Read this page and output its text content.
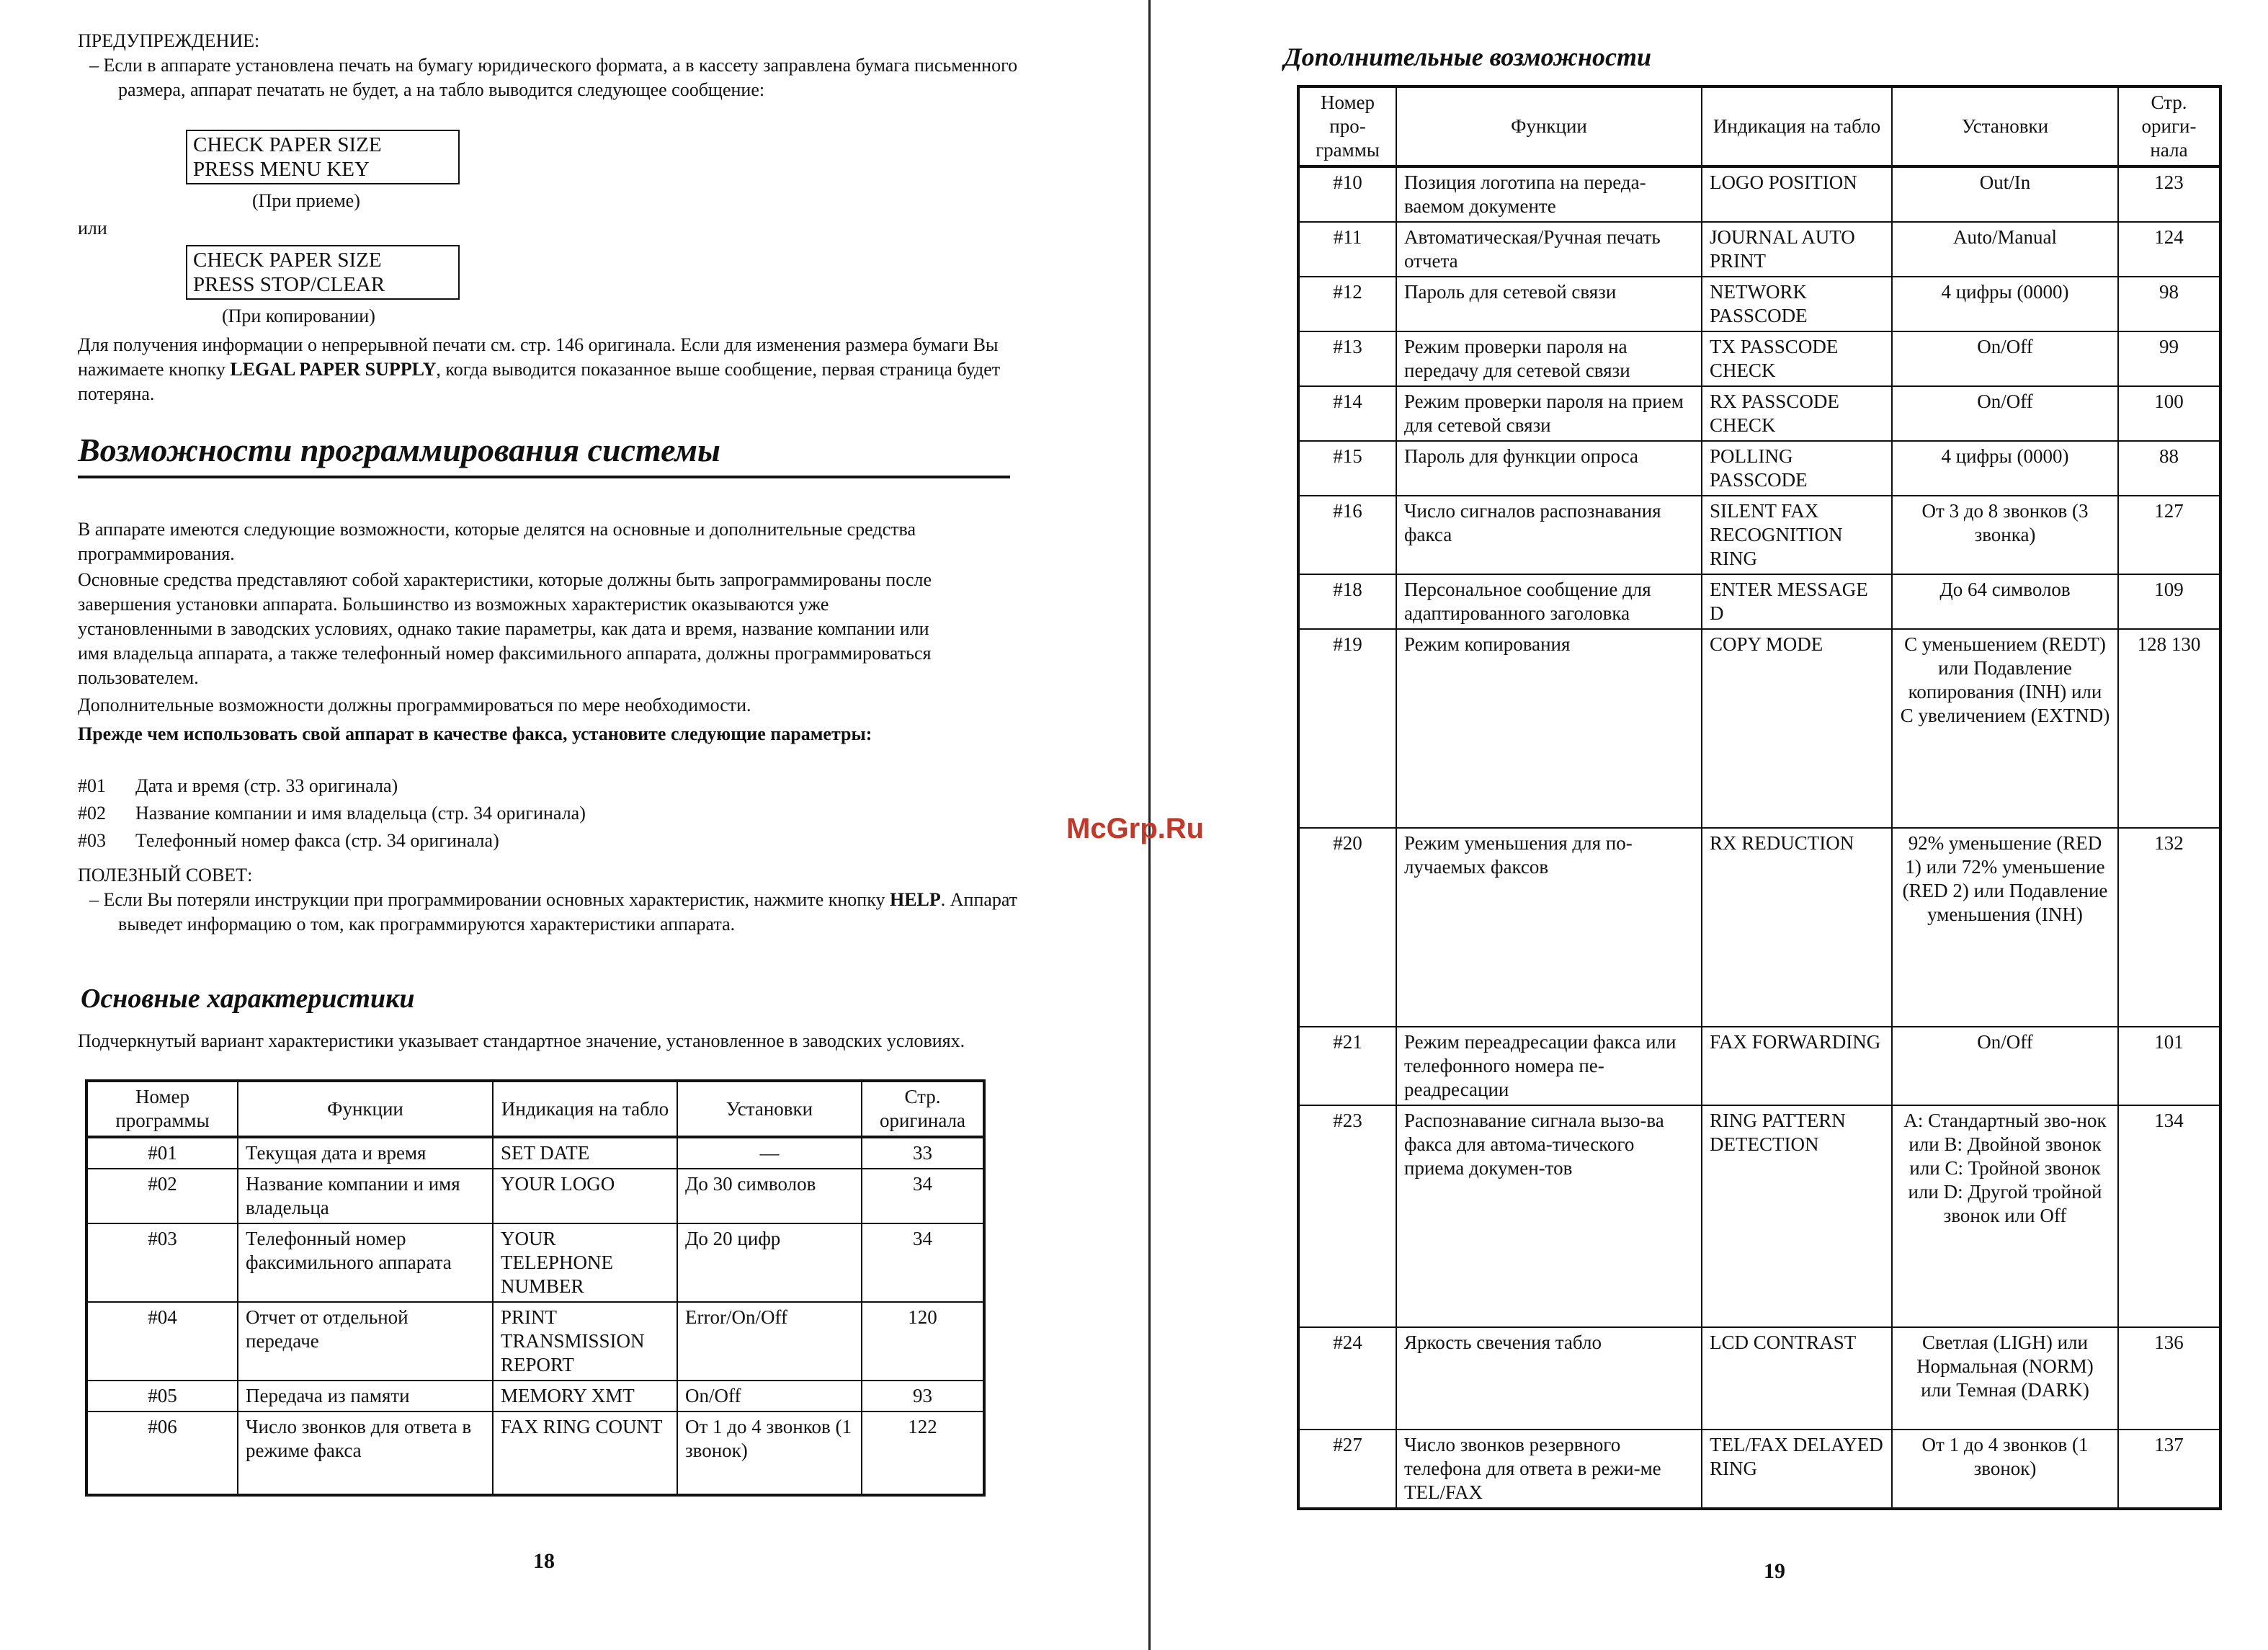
ПРЕДУПРЕЖДЕНИЕ:
– Если в аппарате установлена печать на бумагу юридического формата, а в кассету заправлена бумага письменного размера, аппарат печатать не будет, а на табло выводится следующее сообщение:
CHECK PAPER SIZE
PRESS MENU KEY
(При приеме)
или
CHECK PAPER SIZE
PRESS STOP/CLEAR
(При копировании)
Для получения информации о непрерывной печати см. стр. 146 оригинала. Если для изменения размера бумаги Вы нажимаете кнопку LEGAL PAPER SUPPLY, когда выводится показанное выше сообщение, первая страница будет потеряна.
Возможности программирования системы
В аппарате имеются следующие возможности, которые делятся на основные и дополнительные средства программирования.
Основные средства представляют собой характеристики, которые должны быть запрограммированы после завершения установки аппарата. Большинство из возможных характеристик оказываются уже установленными в заводских условиях, однако такие параметры, как дата и время, название компании или имя владельца аппарата, а также телефонный номер факсимильного аппарата, должны программироваться пользователем.
Дополнительные возможности должны программироваться по мере необходимости.
Прежде чем использовать свой аппарат в качестве факса, установите следующие параметры:
#01 Дата и время (стр. 33 оригинала)
#02 Название компании и имя владельца (стр. 34 оригинала)
#03 Телефонный номер факса (стр. 34 оригинала)
ПОЛЕЗНЫЙ СОВЕТ:
– Если Вы потеряли инструкции при программировании основных характеристик, нажмите кнопку HELP. Аппарат выведет информацию о том, как программируются характеристики аппарата.
Основные характеристики
Подчеркнутый вариант характеристики указывает стандартное значение, установленное в заводских условиях.
Номер программы	Функции	Индикация на табло	Установки	Стр. оригинала
#01	Текущая дата и время	SET DATE	—	33
#02	Название компании и имя владельца	YOUR LOGO	До 30 символов	34
#03	Телефонный номер факсимильного аппарата	YOUR TELEPHONE NUMBER	До 20 цифр	34
#04	Отчет от отдельной передаче	PRINT TRANSMISSION REPORT	Error/On/Off	120
#05	Передача из памяти	MEMORY XMT	On/Off	93
#06	Число звонков для ответа в режиме факса	FAX RING COUNT	От 1 до 4 звонков (1 звонок)	122
18
McGrp.Ru
Дополнительные возможности
Номер про-граммы	Функции	Индикация на табло	Установки	Стр. ориги-нала
#10	Позиция логотипа на переда-ваемом документе	LOGO POSITION	Out/In	123
#11	Автоматическая/Ручная печать отчета	JOURNAL AUTO PRINT	Auto/Manual	124
#12	Пароль для сетевой связи	NETWORK PASSCODE	4 цифры (0000)	98
#13	Режим проверки пароля на передачу для сетевой связи	TX PASSCODE CHECK	On/Off	99
#14	Режим проверки пароля на прием для сетевой связи	RX PASSCODE CHECK	On/Off	100
#15	Пароль для функции опроса	POLLING PASSCODE	4 цифры (0000)	88
#16	Число сигналов распознавания факса	SILENT FAX RECOGNITION RING	От 3 до 8 звонков (3 звонка)	127
#18	Персональное сообщение для адаптированного заголовка	ENTER MESSAGE D	До 64 символов	109
#19	Режим копирования	COPY MODE	С уменьшением (REDT) или Подавление копирования (INH) или С увеличением (EXTND)	128 130
#20	Режим уменьшения для по-лучаемых факсов	RX REDUCTION	92% уменьшение (RED 1) или 72% уменьшение (RED 2) или Подавление уменьшения (INH)	132
#21	Режим переадресации факса или телефонного номера пе-реадресации	FAX FORWARDING	On/Off	101
#23	Распознавание сигнала вызо-ва факса для автома-тического приема докумен-тов	RING PATTERN DETECTION	A: Стандартный зво-нок или B: Двойной звонок или C: Тройной звонок или D: Другой тройной звонок или Off	134
#24	Яркость свечения табло	LCD CONTRAST	Светлая (LIGH) или Нормальная (NORM) или Темная (DARK)	136
#27	Число звонков резервного телефона для ответа в режи-ме TEL/FAX	TEL/FAX DELAYED RING	От 1 до 4 звонков (1 звонок)	137
19
